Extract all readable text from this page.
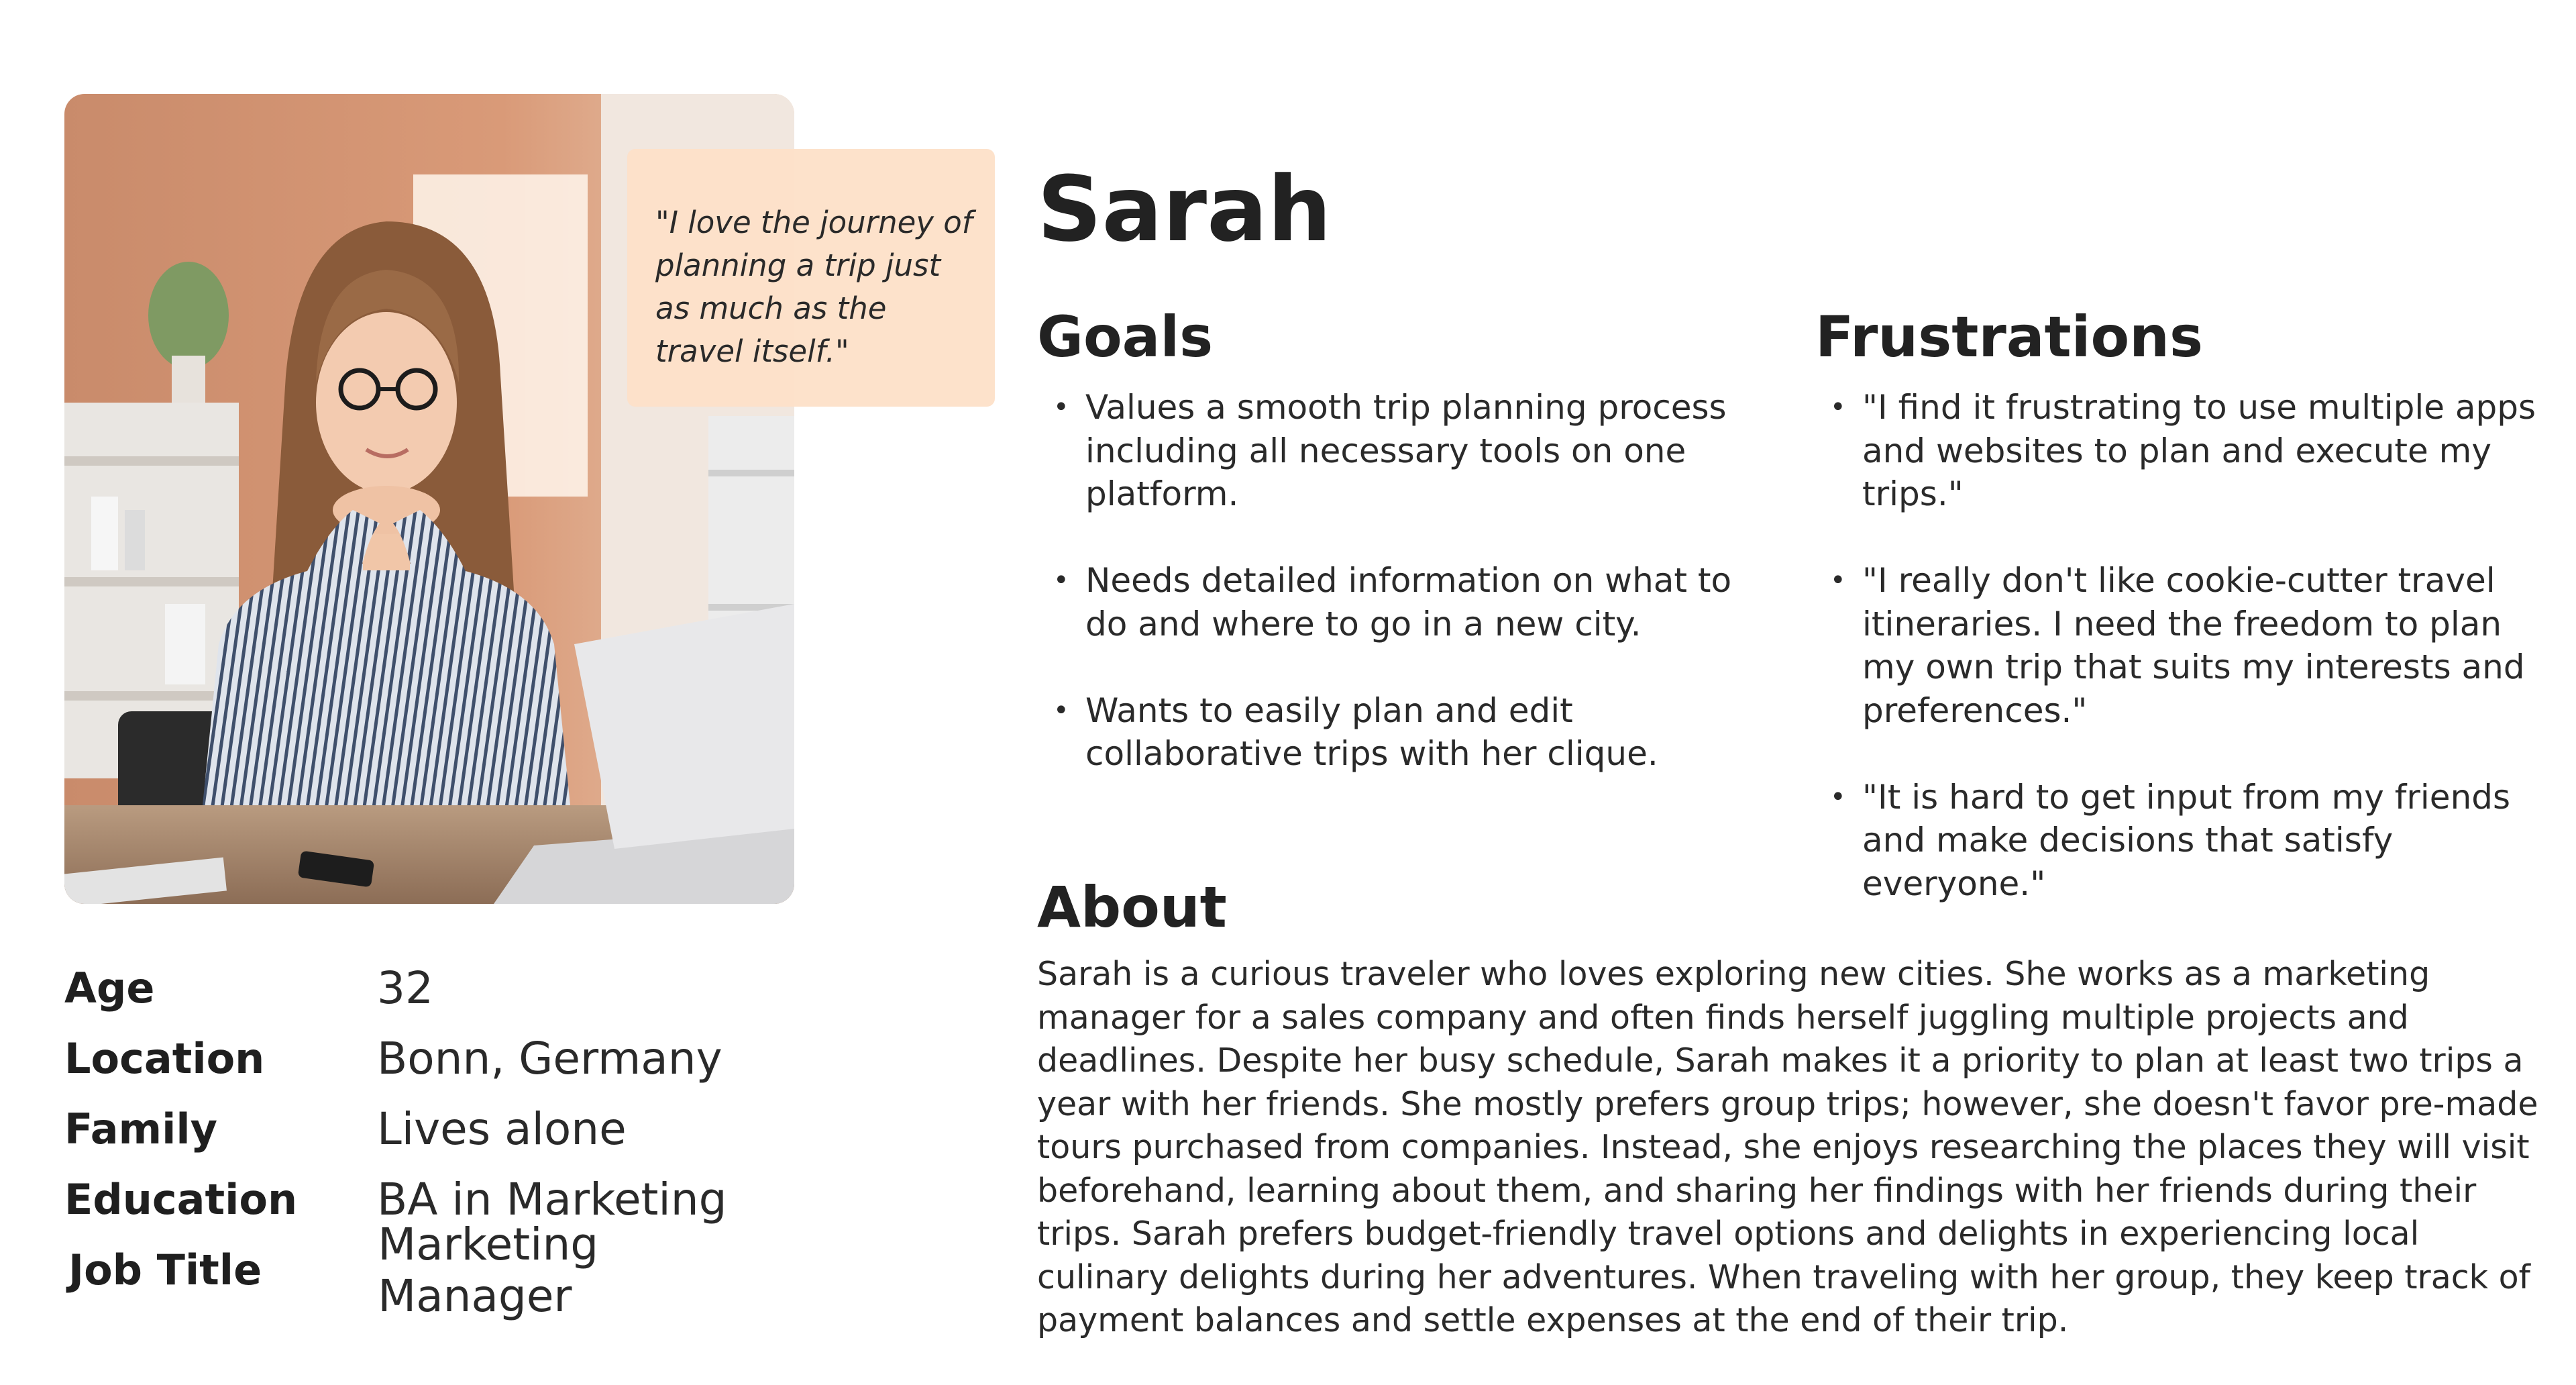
"I love the journey of planning a trip just as much as the travel itself."

Age	32
Location	Bonn, Germany
Family	Lives alone
Education	BA in Marketing
Job Title	Marketing Manager
Sarah
Goals
• Values a smooth trip planning process including all necessary tools on one platform.
• Needs detailed information on what to do and where to go in a new city.
• Wants to easily plan and edit collaborative trips with her clique.
Frustrations
• "I find it frustrating to use multiple apps and websites to plan and execute my trips."
• "I really don't like cookie-cutter travel itineraries. I need the freedom to plan my own trip that suits my interests and preferences."
• "It is hard to get input from my friends and make decisions that satisfy everyone."
About

Sarah is a curious traveler who loves exploring new cities. She works as a marketing manager for a sales company and often finds herself juggling multiple projects and deadlines. Despite her busy schedule, Sarah makes it a priority to plan at least two trips a year with her friends. She mostly prefers group trips; however, she doesn't favor pre-made tours purchased from companies. Instead, she enjoys researching the places they will visit beforehand, learning about them, and sharing her findings with her friends during their trips. Sarah prefers budget-friendly travel options and delights in experiencing local culinary delights during her adventures. When traveling with her group, they keep track of payment balances and settle expenses at the end of their trip.
